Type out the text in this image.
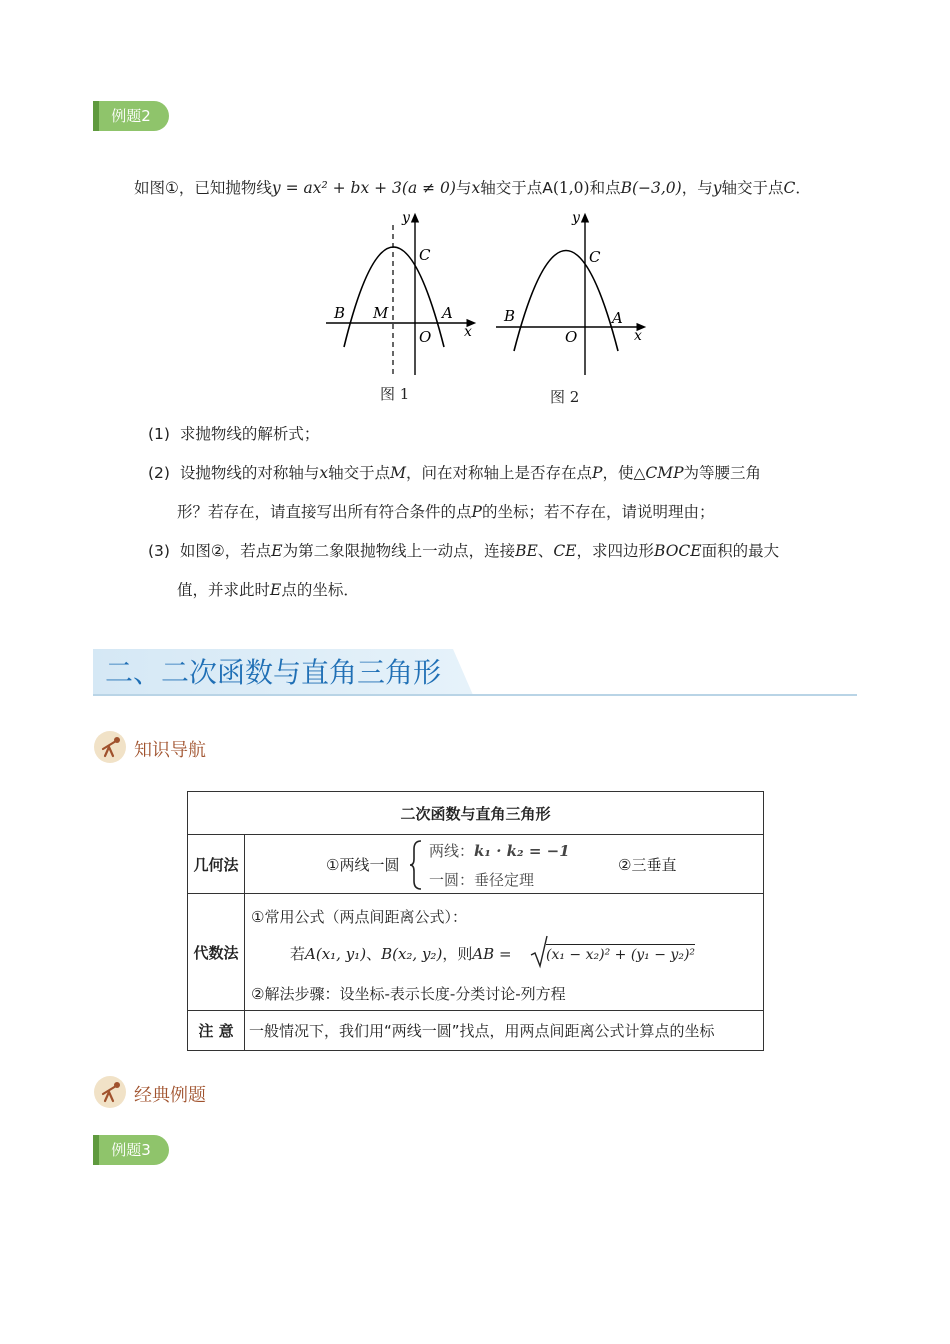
例题2
如图①，已知抛物线y = ax² + bx + 3(a ≠ 0)与x轴交于点A(1,0)和点B(−3,0)，与y轴交于点C．
y
C
B M	A
O x
图 1
y
C
B	A
O	x
图 2
(1) 求抛物线的解析式；
(2) 设抛物线的对称轴与x轴交于点M，问在对称轴上是否存在点P，使△CMP为等腰三角
形？若存在，请直接写出所有符合条件的点P的坐标；若不存在，请说明理由；
(3) 如图②，若点E为第二象限抛物线上一动点，连接BE、CE，求四边形BOCE面积的最大
值，并求此时E点的坐标．
二、二次函数与直角三角形
知识导航
二次函数与直角三角形	
几何法	①两线一圆
两线：k₁ · k₂ = −1
一圆：垂径定理
②三垂直

代数法	①常用公式（两点间距离公式）：
若A(x₁, y₁)、B(x₂, y₂)，则AB = (x₁ − x₂)² + (y₁ − y₂)²
②解法步骤：设坐标-表示长度-分类讨论-列方程

注 意	一般情况下，我们用“两线一圆”找点，用两点间距离公式计算点的坐标
经典例题
例题3
